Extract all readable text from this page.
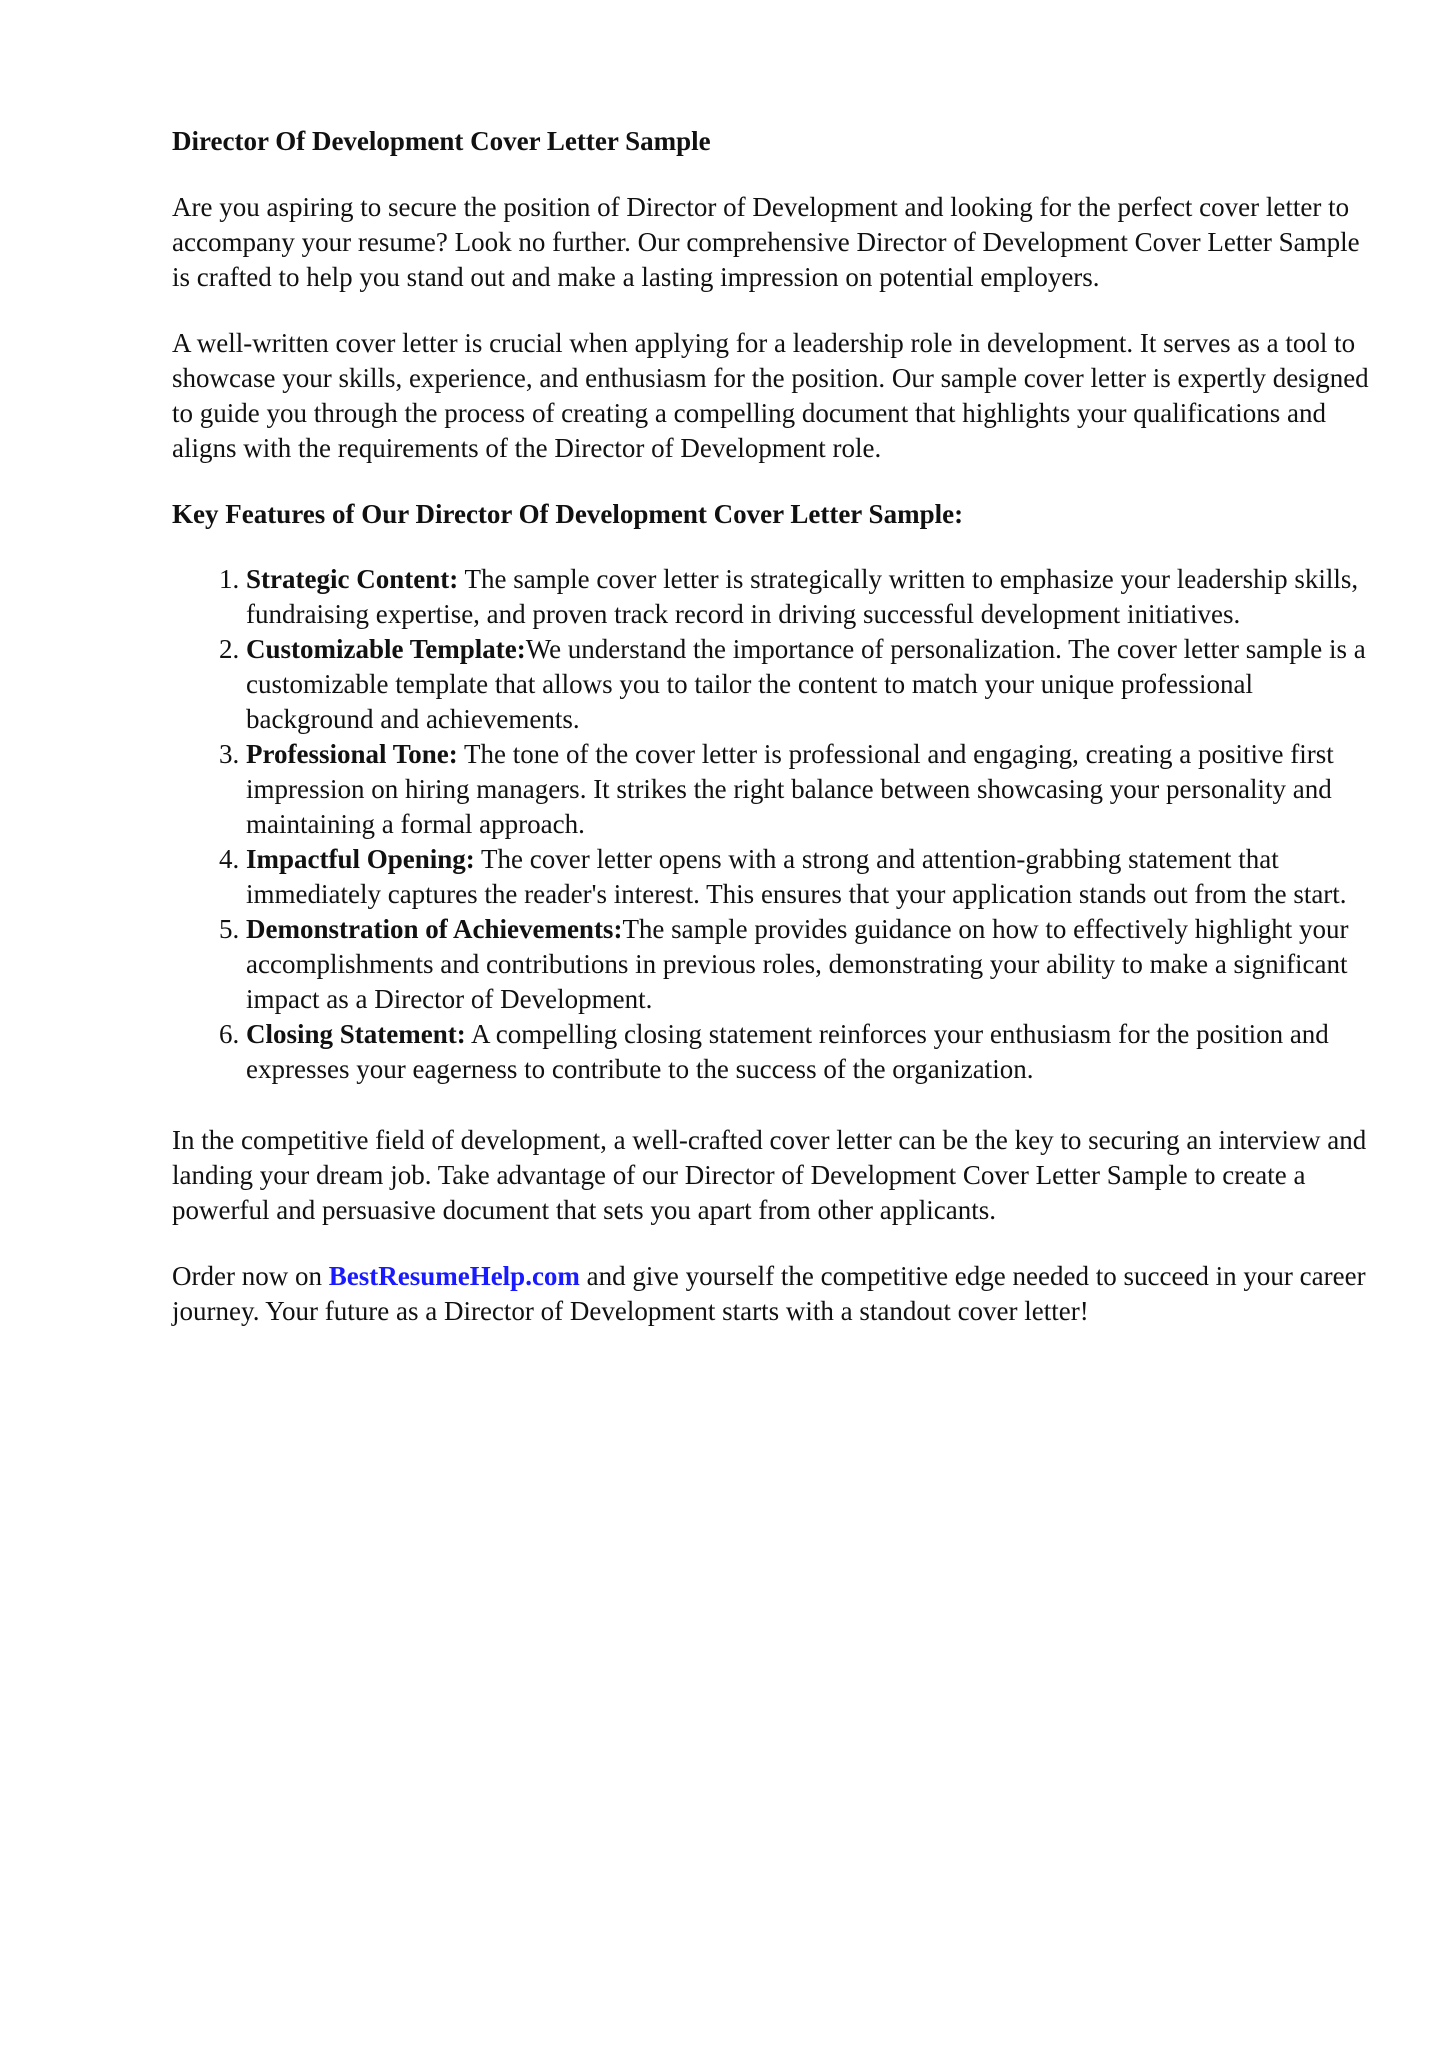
Director Of Development Cover Letter Sample

Are you aspiring to secure the position of Director of Development and looking for the perfect cover letter to accompany your resume? Look no further. Our comprehensive Director of Development Cover Letter Sample is crafted to help you stand out and make a lasting impression on potential employers.

A well-written cover letter is crucial when applying for a leadership role in development. It serves as a tool to showcase your skills, experience, and enthusiasm for the position. Our sample cover letter is expertly designed to guide you through the process of creating a compelling document that highlights your qualifications and aligns with the requirements of the Director of Development role.

Key Features of Our Director Of Development Cover Letter Sample:
1. Strategic Content: The sample cover letter is strategically written to emphasize your leadership skills, fundraising expertise, and proven track record in driving successful development initiatives.
2. Customizable Template:We understand the importance of personalization. The cover letter sample is a customizable template that allows you to tailor the content to match your unique professional background and achievements.
3. Professional Tone: The tone of the cover letter is professional and engaging, creating a positive first impression on hiring managers. It strikes the right balance between showcasing your personality and maintaining a formal approach.
4. Impactful Opening: The cover letter opens with a strong and attention-grabbing statement that immediately captures the reader's interest. This ensures that your application stands out from the start.
5. Demonstration of Achievements:The sample provides guidance on how to effectively highlight your accomplishments and contributions in previous roles, demonstrating your ability to make a significant impact as a Director of Development.
6. Closing Statement: A compelling closing statement reinforces your enthusiasm for the position and expresses your eagerness to contribute to the success of the organization.

In the competitive field of development, a well-crafted cover letter can be the key to securing an interview and landing your dream job. Take advantage of our Director of Development Cover Letter Sample to create a powerful and persuasive document that sets you apart from other applicants.

Order now on BestResumeHelp.com and give yourself the competitive edge needed to succeed in your career journey. Your future as a Director of Development starts with a standout cover letter!
